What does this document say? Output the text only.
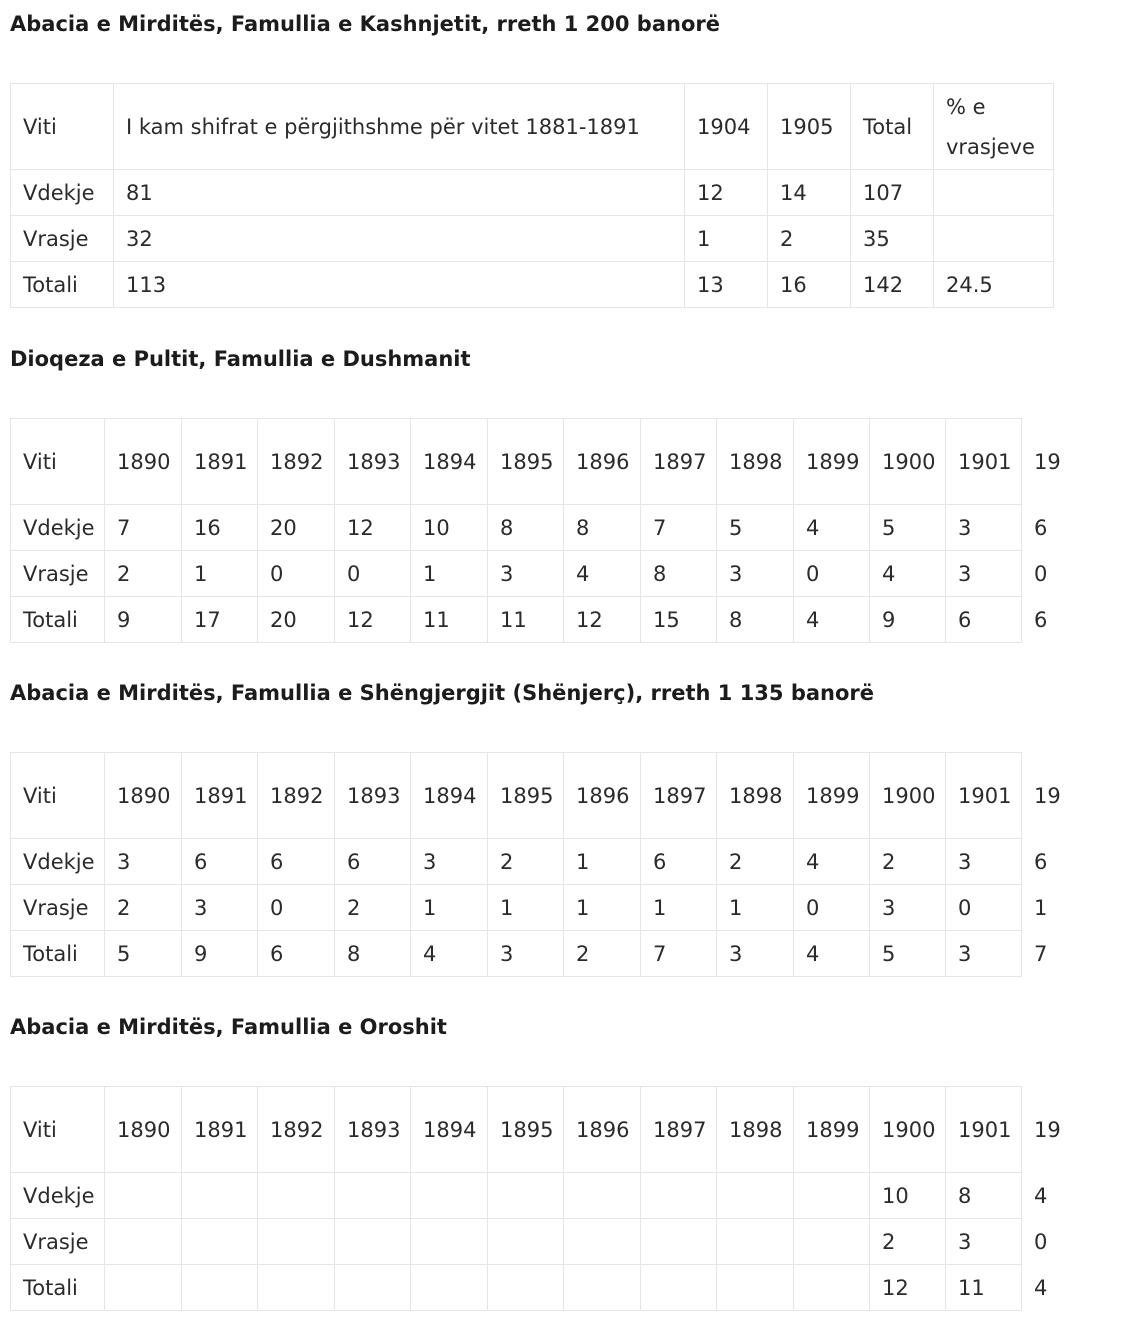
Abacia e Mirditës, Famullia e Kashnjetit, rreth 1 200 banorë
Viti	I kam shifrat e përgjithshme për vitet 1881-1891	1904	1905	Total	% e vrasjeve
Vdekje	81	12	14	107	
Vrasje	32	1	2	35	
Totali	113	13	16	142	24.5
Dioqeza e Pultit, Famullia e Dushmanit
Viti	1890	1891	1892	1893	1894	1895	1896	1897	1898	1899	1900	1901	19
Vdekje	7	16	20	12	10	8	8	7	5	4	5	3	6
Vrasje	2	1	0	0	1	3	4	8	3	0	4	3	0
Totali	9	17	20	12	11	11	12	15	8	4	9	6	6
Abacia e Mirditës, Famullia e Shëngjergjit (Shënjerç), rreth 1 135 banorë
Viti	1890	1891	1892	1893	1894	1895	1896	1897	1898	1899	1900	1901	19
Vdekje	3	6	6	6	3	2	1	6	2	4	2	3	6
Vrasje	2	3	0	2	1	1	1	1	1	0	3	0	1
Totali	5	9	6	8	4	3	2	7	3	4	5	3	7
Abacia e Mirditës, Famullia e Oroshit
Viti	1890	1891	1892	1893	1894	1895	1896	1897	1898	1899	1900	1901	19
Vdekje											10	8	4
Vrasje											2	3	0
Totali											12	11	4
